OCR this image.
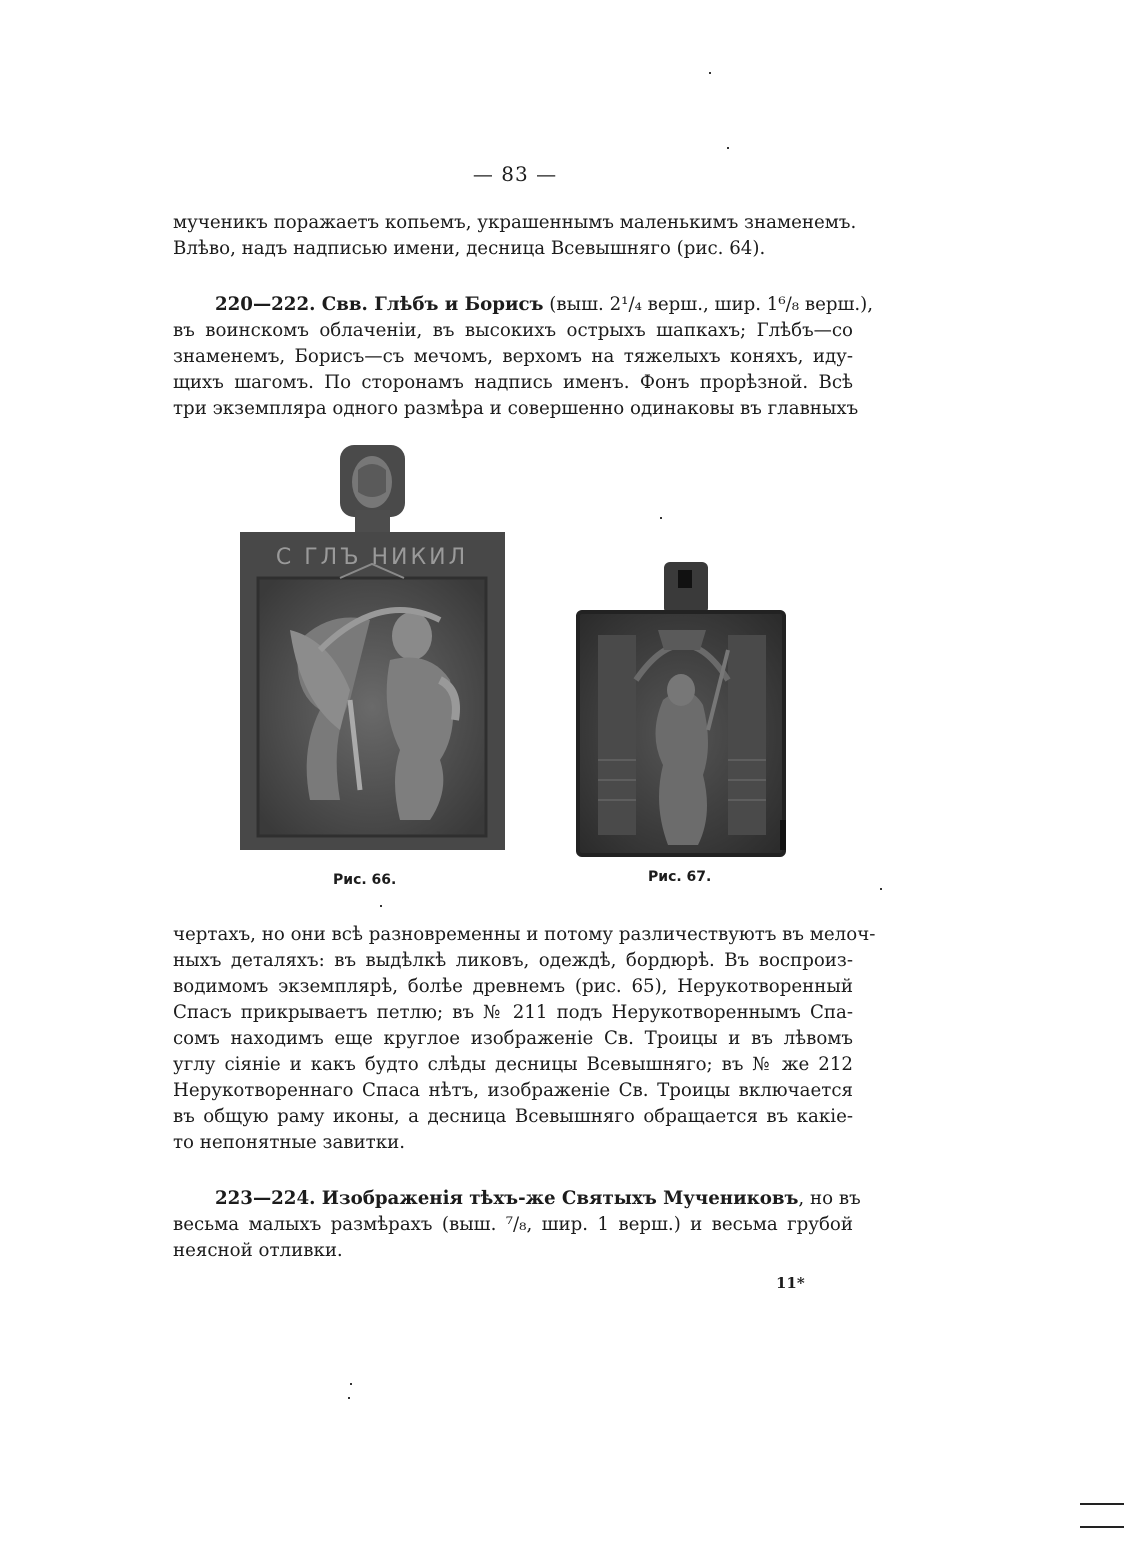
— 83 —
мученикъ поражаетъ копьемъ, украшеннымъ маленькимъ знаменемъ.
Влѣво, надъ надписью имени, десница Всевышняго (рис. 64).
220—222. Свв. Глѣбъ и Борисъ (выш. 2¹/₄ верш., шир. 1⁶/₈ верш.),
въ воинскомъ облаченіи, въ высокихъ острыхъ шапкахъ; Глѣбъ—со
знаменемъ, Борисъ—съ мечомъ, верхомъ на тяжелыхъ коняхъ, иду-
щихъ шагомъ. По сторонамъ надпись именъ. Фонъ прорѣзной. Всѣ
три экземпляра одного размѣра и совершенно одинаковы въ главныхъ
С ГЛЪ НИКИЛ
Рис. 66.	Рис. 67.
чертахъ, но они всѣ разновременны и потому различествуютъ въ мелоч-
ныхъ деталяхъ: въ выдѣлкѣ ликовъ, одеждѣ, бордюрѣ. Въ воспроиз-
водимомъ экземплярѣ, болѣе древнемъ (рис. 65), Нерукотворенный
Спасъ прикрываетъ петлю; въ № 211 подъ Нерукотвореннымъ Спа-
сомъ находимъ еще круглое изображеніе Св. Троицы и въ лѣвомъ
углу сіяніе и какъ будто слѣды десницы Всевышняго; въ № же 212
Нерукотвореннаго Спаса нѣтъ, изображеніе Св. Троицы включается
въ общую раму иконы, а десница Всевышняго обращается въ какіе-
то непонятные завитки.
223—224. Изображенія тѣхъ-же Святыхъ Мучениковъ, но въ
весьма малыхъ размѣрахъ (выш. ⁷/₈, шир. 1 верш.) и весьма грубой
неясной отливки.
11*
